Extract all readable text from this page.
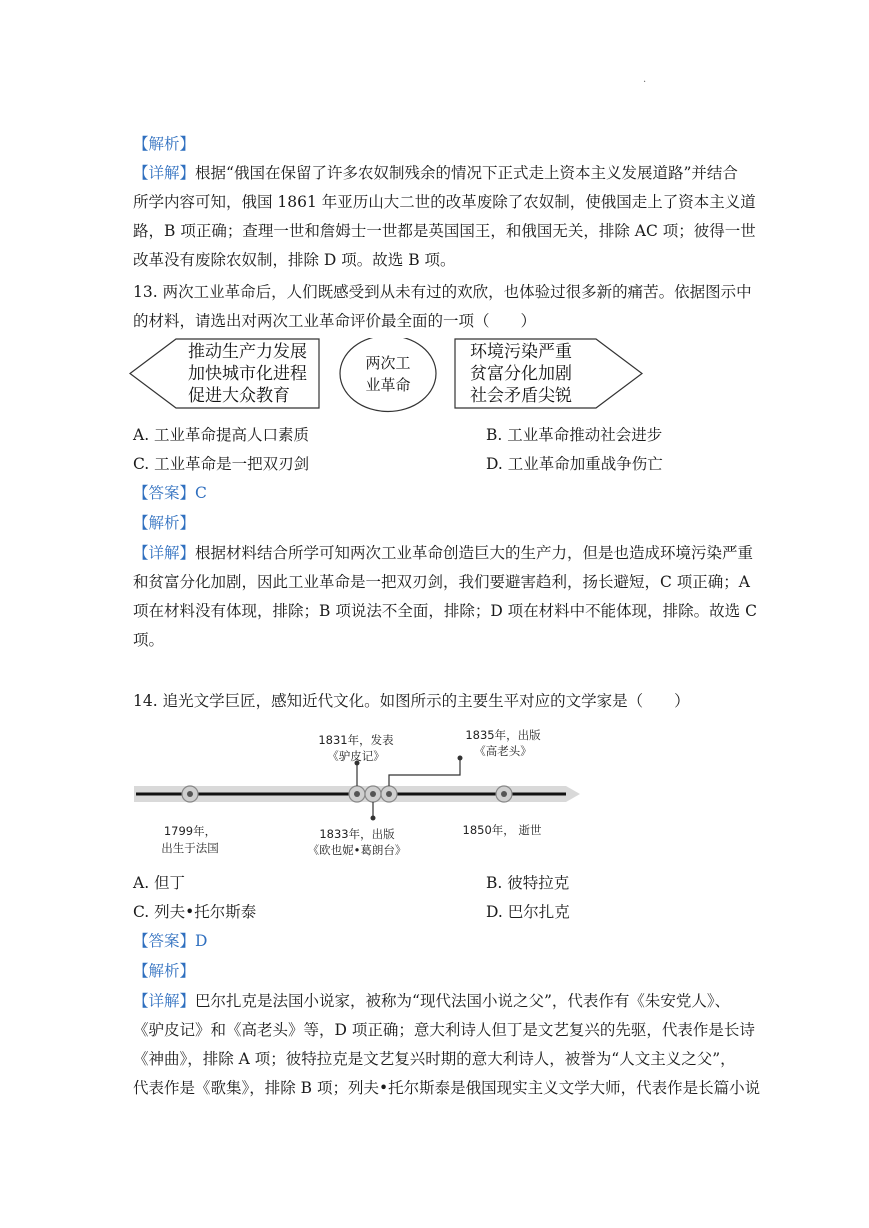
.
【解析】
【详解】根据“俄国在保留了许多农奴制残余的情况下正式走上资本主义发展道路”并结合
所学内容可知，俄国 1861 年亚历山大二世的改革废除了农奴制，使俄国走上了资本主义道
路，B 项正确；查理一世和詹姆士一世都是英国国王，和俄国无关，排除 AC 项；彼得一世
改革没有废除农奴制，排除 D 项。故选 B 项。
13. 两次工业革命后，人们既感受到从未有过的欢欣，也体验过很多新的痛苦。依据图示中
的材料，请选出对两次工业革命评价最全面的一项（　　）
推动生产力发展
加快城市化进程
促进大众教育
两次工
业革命
环境污染严重
贫富分化加剧
社会矛盾尖锐
A. 工业革命提高人口素质	B. 工业革命推动社会进步
C. 工业革命是一把双刃剑	D. 工业革命加重战争伤亡
【答案】C
【解析】
【详解】根据材料结合所学可知两次工业革命创造巨大的生产力，但是也造成环境污染严重
和贫富分化加剧，因此工业革命是一把双刃剑，我们要避害趋利，扬长避短，C 项正确；A
项在材料没有体现，排除；B 项说法不全面，排除；D 项在材料中不能体现，排除。故选 C
项。
14. 追光文学巨匠，感知近代文化。如图所示的主要生平对应的文学家是（　　）
1831年，发表
《驴皮记》
1835年，出版
《高老头》
1799年，
出生于法国
1833年，出版
《欧也妮•葛朗台》
1850年， 逝世
A. 但丁	B. 彼特拉克
C. 列夫•托尔斯泰	D. 巴尔扎克
【答案】D
【解析】
【详解】巴尔扎克是法国小说家，被称为“现代法国小说之父”，代表作有《朱安党人》、
《驴皮记》和《高老头》等，D 项正确；意大利诗人但丁是文艺复兴的先驱，代表作是长诗
《神曲》，排除 A 项；彼特拉克是文艺复兴时期的意大利诗人，被誉为“人文主义之父”，
代表作是《歌集》，排除 B 项；列夫•托尔斯泰是俄国现实主义文学大师，代表作是长篇小说
